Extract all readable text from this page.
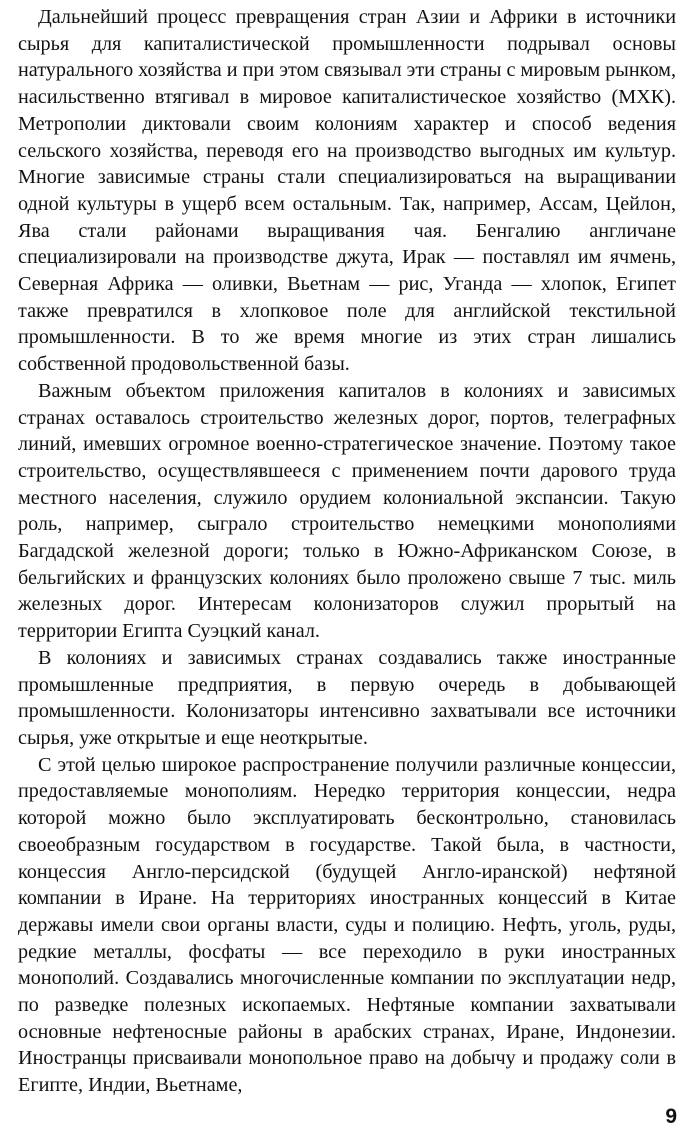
Дальнейший процесс превращения стран Азии и Африки в источники сырья для капиталистической промышленности подрывал основы натурального хозяйства и при этом связывал эти страны с мировым рынком, насильственно втягивал в мировое капиталистическое хозяйство (МХК). Метрополии диктовали своим колониям характер и способ ведения сельского хозяйства, переводя его на производство выгодных им культур. Многие зависимые страны стали специализироваться на выращивании одной культуры в ущерб всем остальным. Так, например, Ассам, Цейлон, Ява стали районами выращивания чая. Бенгалию англичане специализировали на производстве джута, Ирак — поставлял им ячмень, Северная Африка — оливки, Вьетнам — рис, Уганда — хлопок, Египет также превратился в хлопковое поле для английской текстильной промышленности. В то же время многие из этих стран лишались собственной продовольственной базы.

Важным объектом приложения капиталов в колониях и зависимых странах оставалось строительство железных дорог, портов, телеграфных линий, имевших огромное военно-стратегическое значение. Поэтому такое строительство, осуществлявшееся с применением почти дарового труда местного населения, служило орудием колониальной экспансии. Такую роль, например, сыграло строительство немецкими монополиями Багдадской железной дороги; только в Южно-Африканском Союзе, в бельгийских и французских колониях было проложено свыше 7 тыс. миль железных дорог. Интересам колонизаторов служил прорытый на территории Египта Суэцкий канал.

В колониях и зависимых странах создавались также иностранные промышленные предприятия, в первую очередь в добывающей промышленности. Колонизаторы интенсивно захватывали все источники сырья, уже открытые и еще неоткрытые.

С этой целью широкое распространение получили различные концессии, предоставляемые монополиям. Нередко территория концессии, недра которой можно было эксплуатировать бесконтрольно, становилась своеобразным государством в государстве. Такой была, в частности, концессия Англо-персидской (будущей Англо-иранской) нефтяной компании в Иране. На территориях иностранных концессий в Китае державы имели свои органы власти, суды и полицию. Нефть, уголь, руды, редкие металлы, фосфаты — все переходило в руки иностранных монополий. Создавались многочисленные компании по эксплуатации недр, по разведке полезных ископаемых. Нефтяные компании захватывали основные нефтеносные районы в арабских странах, Иране, Индонезии. Иностранцы присваивали монопольное право на добычу и продажу соли в Египте, Индии, Вьетнаме,

9
